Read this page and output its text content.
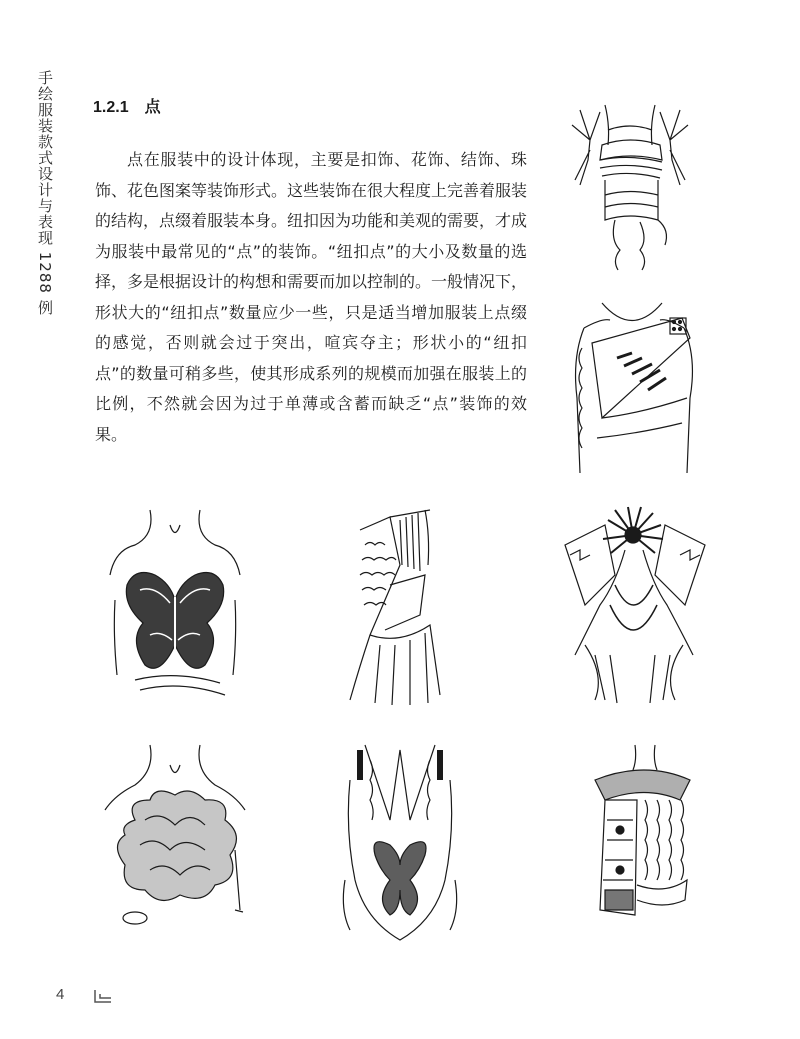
手绘服装款式设计与表现 1288 例 1.2.1 点

点在服装中的设计体现，主要是扣饰、花饰、结饰、珠饰、花色图案等装饰形式。这些装饰在很大程度上完善着服装的结构，点缀着服装本身。纽扣因为功能和美观的需要，才成为服装中最常见的“点”的装饰。“纽扣点”的大小及数量的选择，多是根据设计的构想和需要而加以控制的。一般情况下，形状大的“纽扣点”数量应少一些，只是适当增加服装上点缀的感觉，否则就会过于突出，喧宾夺主；形状小的“纽扣点”的数量可稍多些，使其形成系列的规模而加强在服装上的比例，不然就会因为过于单薄或含蓄而缺乏“点”装饰的效果。

4
